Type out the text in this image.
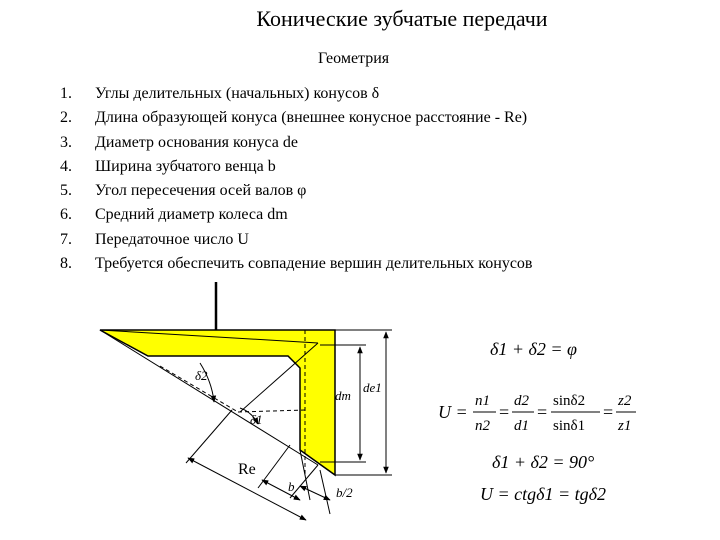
Конические зубчатые передачи
Геометрия
1.	Углы делительных (начальных) конусов δ
2.	Длина образующей конуса (внешнее конусное расстояние - Re)
3.	Диаметр основания конуса de
4.	Ширина зубчатого венца b
5.	Угол пересечения осей валов φ
6.	Средний диаметр колеса dm
7.	Передаточное число U
8.	Требуется обеспечить совпадение вершин делительных конусов
δ2
δ1
Re
b	b/2
dm
de1
δ1 + δ2 = φ
U =
n1
n2
=
d2
d1
=
sinδ2
sinδ1
=
z2
z1
δ1 + δ2 = 90°
U = ctgδ1 = tgδ2
